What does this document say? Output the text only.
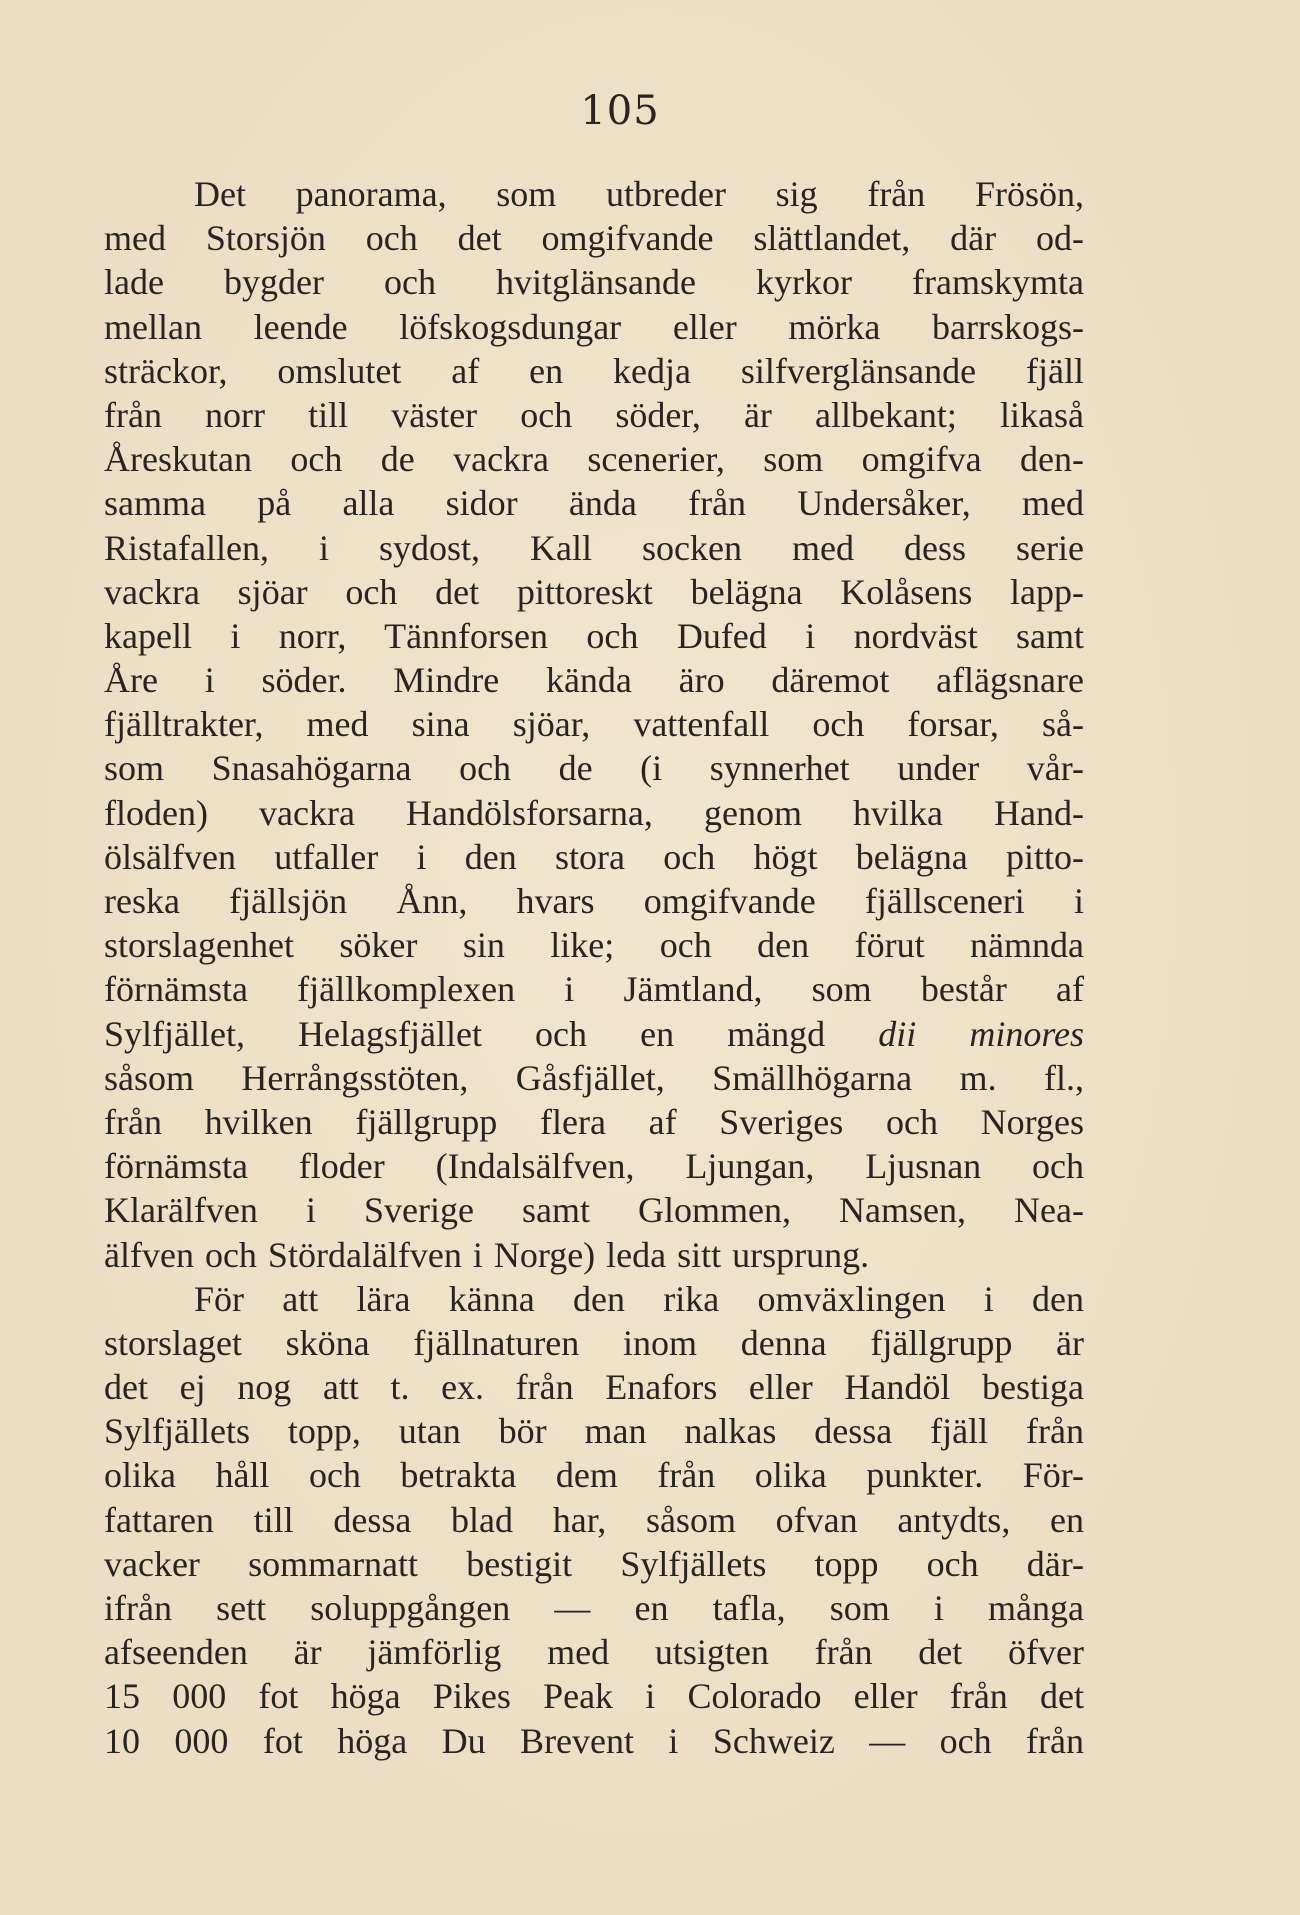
105
Det panorama, som utbreder sig från Frösön,
med Storsjön och det omgifvande slättlandet, där od-
lade bygder och hvitglänsande kyrkor framskymta
mellan leende löfskogsdungar eller mörka barrskogs-
sträckor, omslutet af en kedja silfverglänsande fjäll
från norr till väster och söder, är allbekant; likaså
Åreskutan och de vackra scenerier, som omgifva den-
samma på alla sidor ända från Undersåker, med
Ristafallen, i sydost, Kall socken med dess serie
vackra sjöar och det pittoreskt belägna Kolåsens lapp-
kapell i norr, Tännforsen och Dufed i nordväst samt
Åre i söder. Mindre kända äro däremot aflägsnare
fjälltrakter, med sina sjöar, vattenfall och forsar, så-
som Snasahögarna och de (i synnerhet under vår-
floden) vackra Handölsforsarna, genom hvilka Hand-
ölsälfven utfaller i den stora och högt belägna pitto-
reska fjällsjön Ånn, hvars omgifvande fjällsceneri i
storslagenhet söker sin like; och den förut nämnda
förnämsta fjällkomplexen i Jämtland, som består af
Sylfjället, Helagsfjället och en mängd dii minores
såsom Herrångsstöten, Gåsfjället, Smällhögarna m. fl.,
från hvilken fjällgrupp flera af Sveriges och Norges
förnämsta floder (Indalsälfven, Ljungan, Ljusnan och
Klarälfven i Sverige samt Glommen, Namsen, Nea-
älfven och Stördalälfven i Norge) leda sitt ursprung.
För att lära känna den rika omväxlingen i den
storslaget sköna fjällnaturen inom denna fjällgrupp är
det ej nog att t. ex. från Enafors eller Handöl bestiga
Sylfjällets topp, utan bör man nalkas dessa fjäll från
olika håll och betrakta dem från olika punkter. För-
fattaren till dessa blad har, såsom ofvan antydts, en
vacker sommarnatt bestigit Sylfjällets topp och där-
ifrån sett soluppgången — en tafla, som i många
afseenden är jämförlig med utsigten från det öfver
15 000 fot höga Pikes Peak i Colorado eller från det
10 000 fot höga Du Brevent i Schweiz — och från
